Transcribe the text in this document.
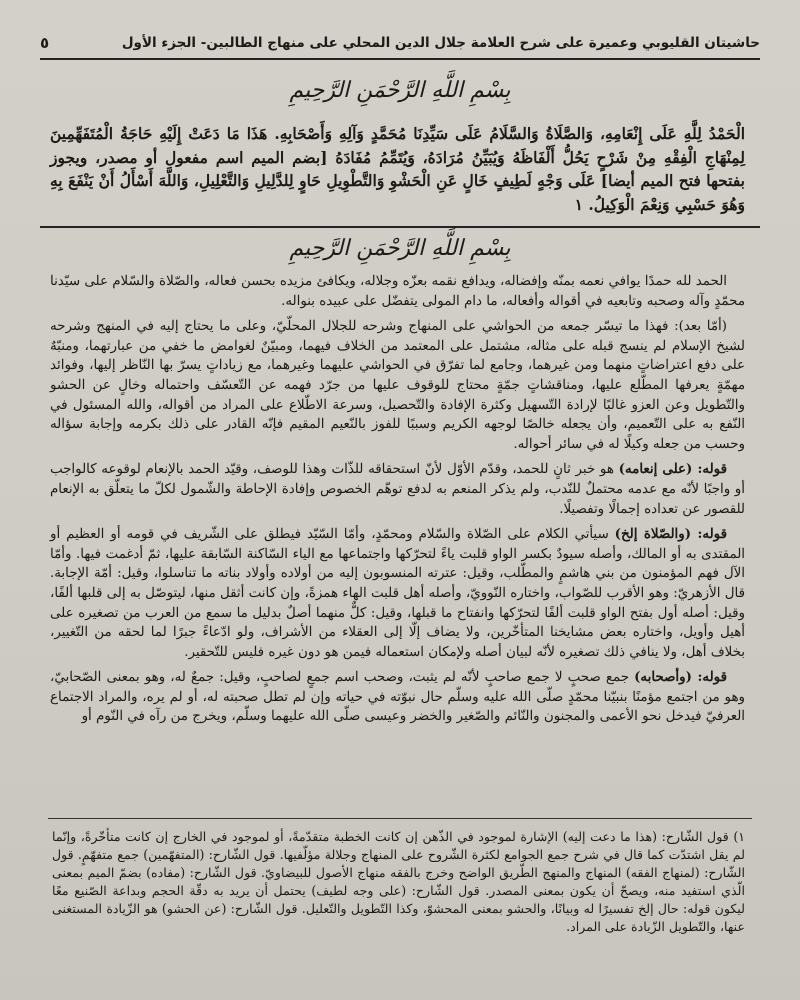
حاشيتان القليوبي وعميرة على شرح العلامة جلال الدين المحلي على منهاج الطالبين- الجزء الأول
٥
بِسْمِ اللَّهِ الرَّحْمَنِ الرَّحِيمِ
الْحَمْدُ لِلَّهِ عَلَى إِنْعَامِهِ، وَالصَّلَاةُ وَالسَّلَامُ عَلَى سَيِّدِنَا مُحَمَّدٍ وَآلِهِ وَأَصْحَابِهِ. هَذَا مَا دَعَتْ إِلَيْهِ حَاجَةُ الْمُتَفَهِّمِينَ لِمِنْهَاجِ الْفِقْهِ مِنْ شَرْحٍ يَحُلُّ أَلْفَاظَهُ وَيُبَيِّنُ مُرَادَهُ، وَيُتَمِّمُ مُفَادَهُ [بضم الميم اسم مفعول أو مصدر، ويجوز بفتحها فتح الميم أيضا] عَلَى وَجْهٍ لَطِيفٍ خَالٍ عَنِ الْحَشْوِ وَالتَّطْوِيلِ حَاوٍ لِلدَّلِيلِ وَالتَّعْلِيلِ، وَاللَّهَ أَسْأَلُ أَنْ يَنْفَعَ بِهِ وَهُوَ حَسْبِي وَنِعْمَ الْوَكِيلُ. ١
بِسْمِ اللَّهِ الرَّحْمَنِ الرَّحِيمِ

الحمد لله حمدًا يوافي نعمه بمنّه وإفضاله، ويدافع نقمه بعزّه وجلاله، ويكافئ مزيده بحسن فعاله، والصّلاة والسّلام على سيّدنا محمّدٍ وآله وصحبه وتابعيه في أقواله وأفعاله، ما دام المولى يتفضّل على عبيده بنواله.

(أمّا بعد): فهذا ما تيسّر جمعه من الحواشي على المنهاج وشرحه للجلال المحلّيّ، وعلى ما يحتاج إليه في المنهج وشرحه لشيخ الإسلام لم ينسج قبله على مثاله، مشتمل على المعتمد من الخلاف فيهما، ومبيّنٌ لغوامض ما خفي من عبارتهما، ومنبّهٌ على دفع اعتراضاتٍ منهما ومن غيرهما، وجامع لما تفرّق في الحواشي عليهما وغيرهما، مع زياداتٍ يسرّ بها النّاظر إليها، وفوائد مهمّةٍ يعرفها المطّلع عليها، ومناقشاتٍ جمّةٍ محتاج للوقوف عليها من جرّد فهمه عن التّعسّف واحتماله وخالٍ عن الحشو والتّطويل وعن العزو غالبًا لإرادة التّسهيل وكثرة الإفادة والتّحصيل، وسرعة الاطّلاع على المراد من أقواله، والله المسئول في النّفع به على التّعميم، وأن يجعله خالصًا لوجهه الكريم وسببًا للفوز بالنّعيم المقيم فإنّه القادر على ذلك بكرمه وإجابة سؤاله وحسب من جعله وكيلًا له في سائر أحواله.

قوله: (على إنعامه) هو خبر ثانٍ للحمد، وقدّم الأوّل لأنّ استحقاقه للذّات وهذا للوصف، وقيّد الحمد بالإنعام لوقوعه كالواجب أو واجبًا لأنّه مع عدمه محتملٌ للنّدب، ولم يذكر المنعم به لدفع توهّم الخصوص وإفادة الإحاطة والشّمول لكلّ ما يتعلّق به الإنعام للقصور عن تعداده إجمالًا وتفصيلًا.

قوله: (والصّلاة إلخ) سيأتي الكلام على الصّلاة والسّلام ومحمّدٍ، وأمّا السّيّد فيطلق على الشّريف في قومه أو العظيم أو المقتدى به أو المالك، وأصله سيودٌ بكسر الواو قلبت ياءً لتحرّكها واجتماعها مع الياء السّاكنة السّابقة عليها، ثمّ أدغمت فيها. وأمّا الآل فهم المؤمنون من بني هاشمٍ والمطّلب، وقيل: عترته المنسوبون إليه من أولاده وأولاد بناته ما تناسلوا، وقيل: أمّة الإجابة. قال الأزهريّ: وهو الأقرب للصّواب، واختاره النّوويّ، وأصله أهل قلبت الهاء همزةً، وإن كانت أثقل منها، ليتوصّل به إلى قلبها ألفًا، وقيل: أصله أول بفتح الواو قلبت ألفًا لتحرّكها وانفتاح ما قبلها، وقيل: كلٌّ منهما أصلٌ بدليل ما سمع من العرب من تصغيره على أهيل وأويل، واختاره بعض مشايخنا المتأخّرين، ولا يضاف إلّا إلى العقلاء من الأشراف، ولو ادّعاءً جبرًا لما لحقه من التّغيير، بخلاف أهل، ولا ينافي ذلك تصغيره لأنّه لبيان أصله ولإمكان استعماله فيمن هو دون غيره فليس للتّحقير.

قوله: (وأصحابه) جمع صحبٍ لا جمع صاحبٍ لأنّه لم يثبت، وصحب اسم جمعٍ لصاحبٍ، وقيل: جمعٌ له، وهو بمعنى الصّحابيّ، وهو من اجتمع مؤمنًا بنبيّنا محمّدٍ صلّى الله عليه وسلّم حال نبوّته في حياته وإن لم تطل صحبته له، أو لم يره، والمراد الاجتماع العرفيّ فيدخل نحو الأعمى والمجنون والنّائم والصّغير والخضر وعيسى صلّى الله عليهما وسلّم، ويخرج من رآه في النّوم أو

١) قول الشّارح: (هذا ما دعت إليه) الإشارة لموجود في الذّهن إن كانت الخطبة متقدّمةً، أو لموجود في الخارج إن كانت متأخّرةً، وإنّما لم يقل اشتدّت كما قال في شرح جمع الجوامع لكثرة الشّروح على المنهاج وجلالة مؤلّفيها. قول الشّارح: (المتفهّمين) جمع متفهّمٍ. قول الشّارح: (لمنهاج الفقه) المنهاج والمنهج الطّريق الواضح وخرج بالفقه منهاج الأصول للبيضاويّ. قول الشّارح: (مفاده) بضمّ الميم بمعنى الّذي استفيد منه، ويصحّ أن يكون بمعنى المصدر. قول الشّارح: (على وجه لطيف) يحتمل أن يريد به دقّة الحجم وبداعة الصّنيع معًا ليكون قوله: حال إلخ تفسيرًا له وبيانًا، والحشو بمعنى المحشوّ، وكذا التّطويل والتّعليل. قول الشّارح: (عن الحشو) هو الزّيادة المستغنى عنها، والتّطويل الزّيادة على المراد.
